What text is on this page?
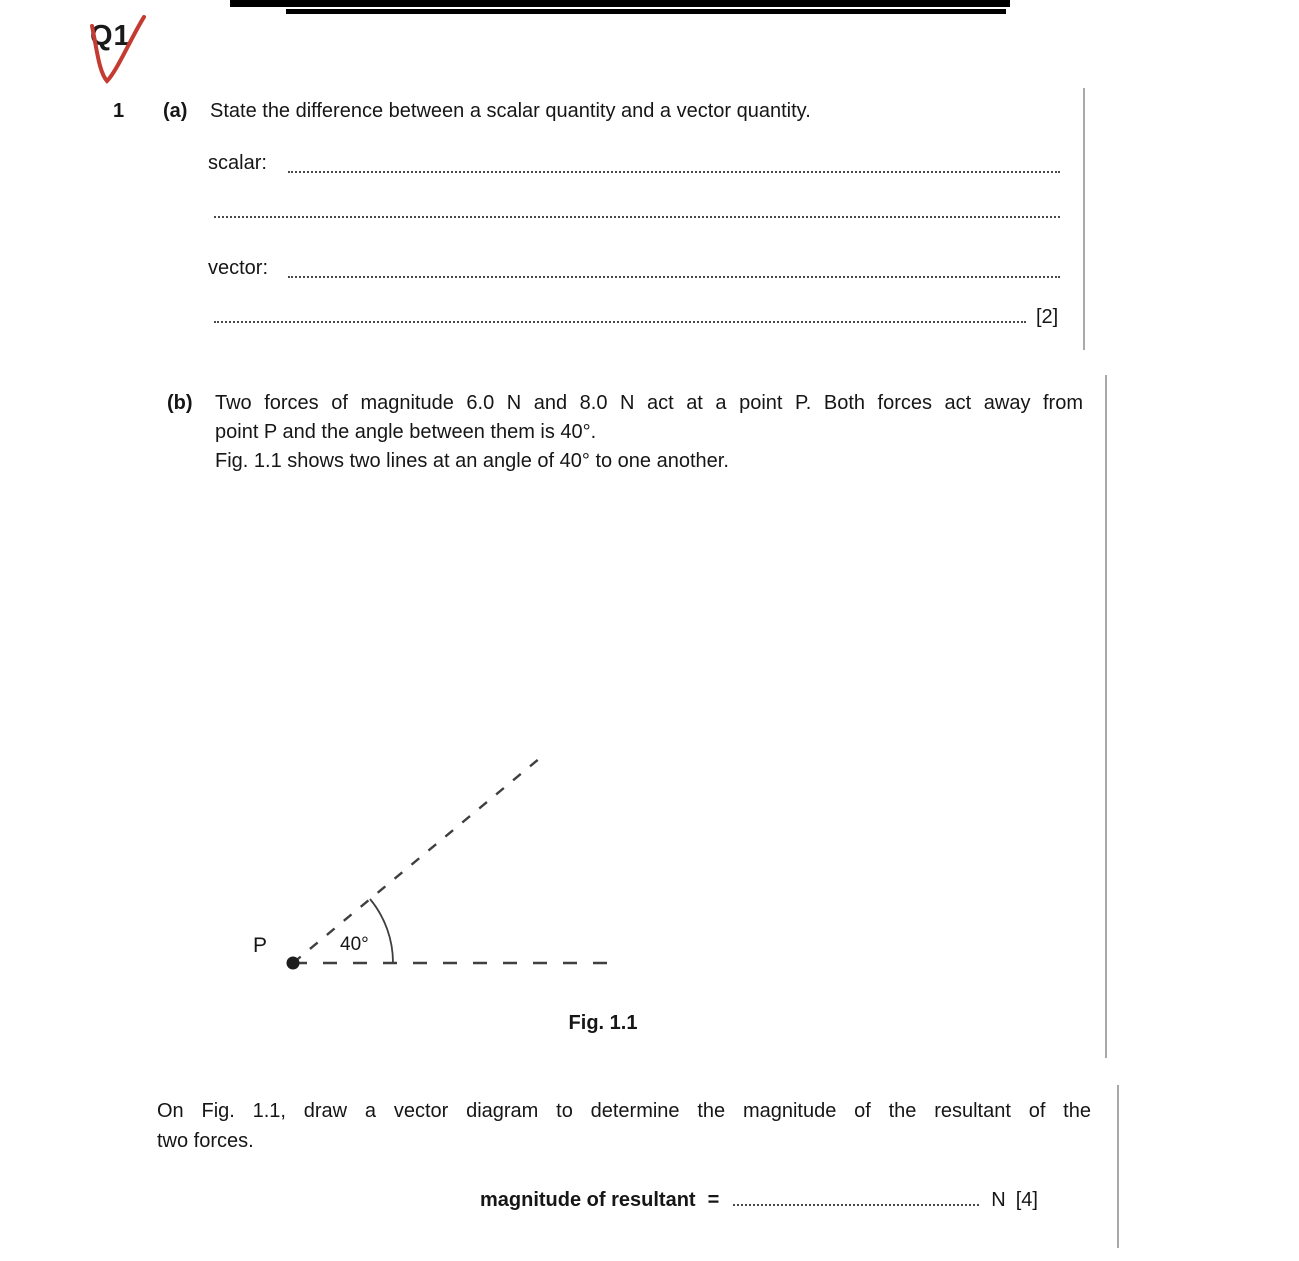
Q1
1 (a) State the difference between a scalar quantity and a vector quantity.
scalar:
vector:
[2]
(b) Two forces of magnitude 6.0 N and 8.0 N act at a point P. Both forces act away from
point P and the angle between them is 40°.
Fig. 1.1 shows two lines at an angle of 40° to one another.
P	40°
Fig. 1.1
On Fig. 1.1, draw a vector diagram to determine the magnitude of the resultant of the
two forces.
magnitude of resultant =	N [4]
